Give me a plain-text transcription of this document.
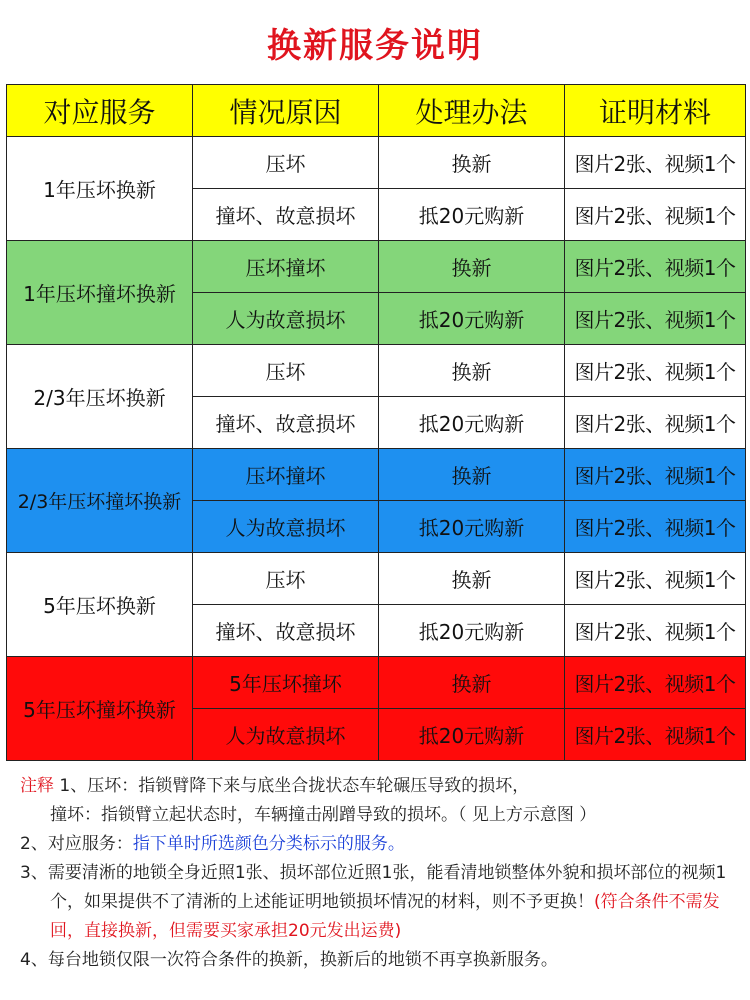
换新服务说明
对应服务	情况原因	处理办法	证明材料
1年压坏换新	压坏	换新	图片2张、视频1个
	撞坏、故意损坏	抵20元购新	图片2张、视频1个
1年压坏撞坏换新	压坏撞坏	换新	图片2张、视频1个
	人为故意损坏	抵20元购新	图片2张、视频1个
2/3年压坏换新	压坏	换新	图片2张、视频1个
	撞坏、故意损坏	抵20元购新	图片2张、视频1个
2/3年压坏撞坏换新	压坏撞坏	换新	图片2张、视频1个
	人为故意损坏	抵20元购新	图片2张、视频1个
5年压坏换新	压坏	换新	图片2张、视频1个
	撞坏、故意损坏	抵20元购新	图片2张、视频1个
5年压坏撞坏换新	5年压坏撞坏	换新	图片2张、视频1个
	人为故意损坏	抵20元购新	图片2张、视频1个

注释 1、压坏：指锁臂降下来与底坐合拢状态车轮碾压导致的损坏，

撞坏：指锁臂立起状态时，车辆撞击剐蹭导致的损坏。（ 见上方示意图 ）

2、对应服务：指下单时所选颜色分类标示的服务。

3、需要清淅的地锁全身近照1张、损坏部位近照1张，能看清地锁整体外貌和损坏部位的视频1个，如果提供不了清淅的上述能证明地锁损坏情况的材料，则不予更换！(符合条件不需发回，直接换新，但需要买家承担20元发出运费)

4、每台地锁仅限一次符合条件的换新，换新后的地锁不再享换新服务。
